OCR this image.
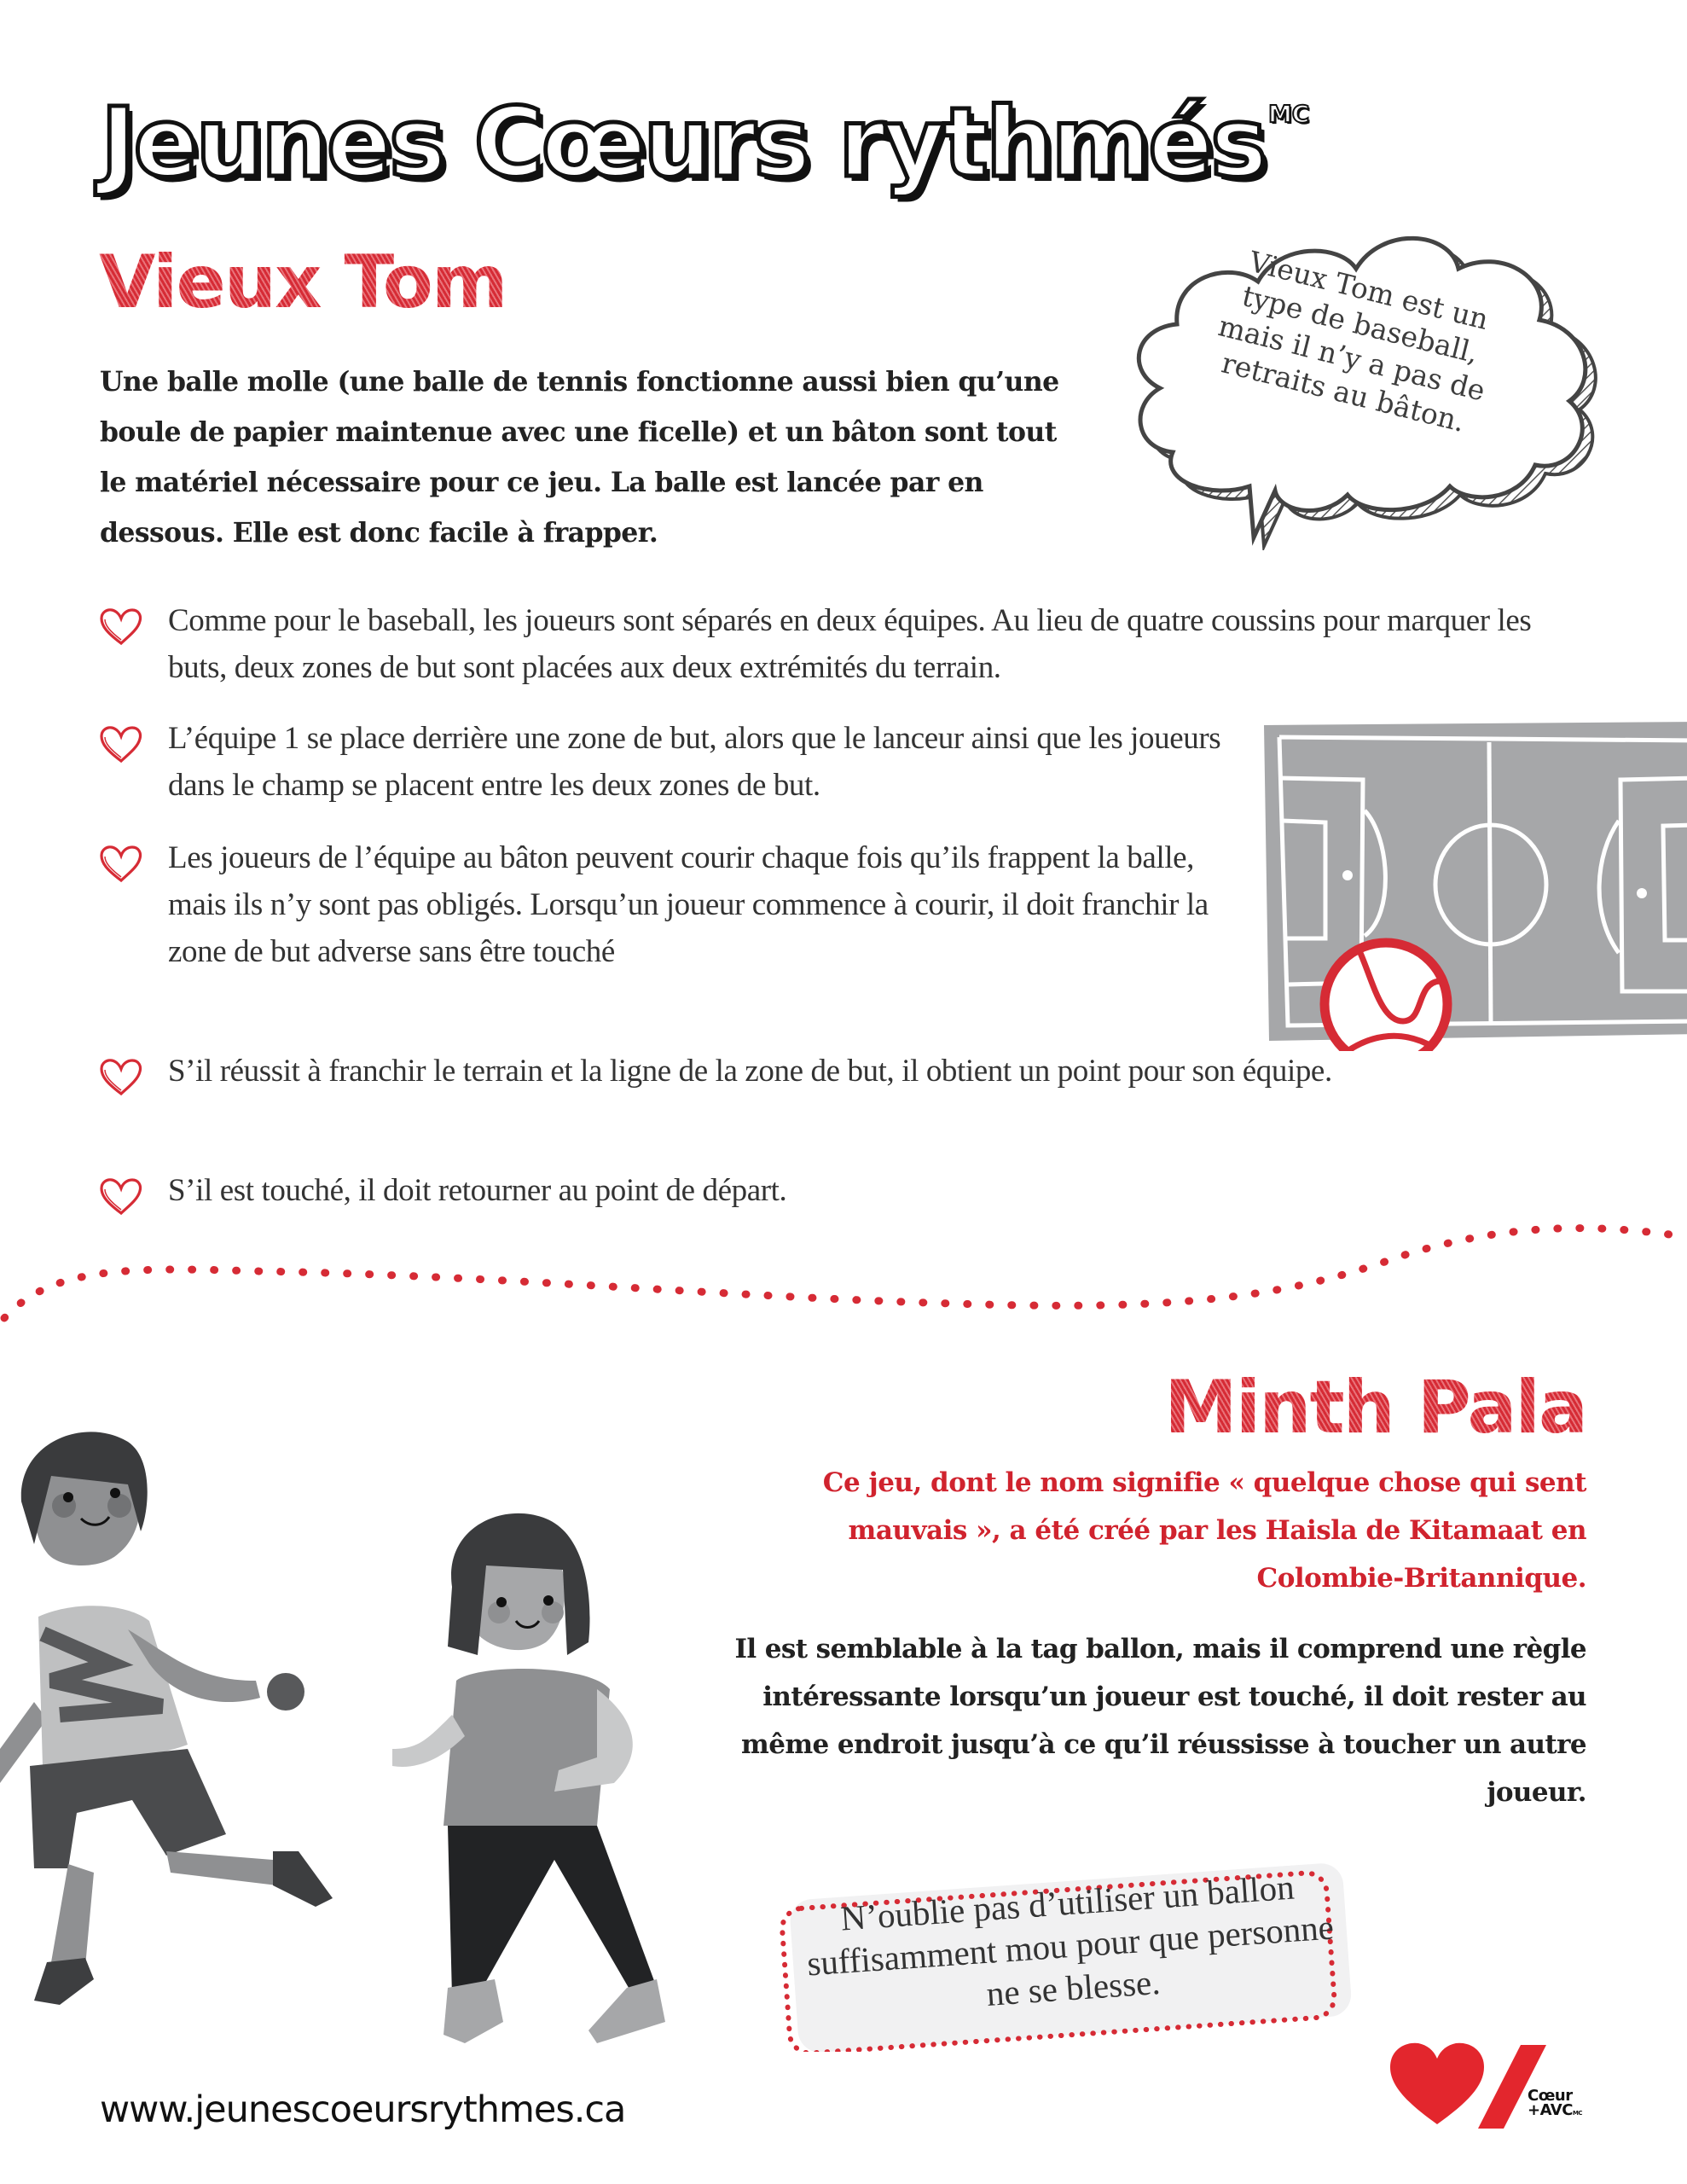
Jeunes Cœurs rythmés $^{MC}$
Vieux Tom	Vieux Tom est un type de baseball, mais il n’y a pas de retraits au bâton.
Une balle molle (une balle de tennis fonctionne aussi bien qu’une boule de papier maintenue avec une ficelle) et un bâton sont tout le matériel nécessaire pour ce jeu. La balle est lancée par en dessous. Elle est donc facile à frapper.
Comme pour le baseball, les joueurs sont séparés en deux équipes. Au lieu de quatre coussins pour marquer les buts, deux zones de but sont placées aux deux extrémités du terrain.
L’équipe 1 se place derrière une zone de but, alors que le lanceur ainsi que les joueurs dans le champ se placent entre les deux zones de but.
Les joueurs de l’équipe au bâton peuvent courir chaque fois qu’ils frappent la balle, mais ils n’y sont pas obligés. Lorsqu’un joueur commence à courir, il doit franchir la zone de but adverse sans être touché
S’il réussit à franchir le terrain et la ligne de la zone de but, il obtient un point pour son équipe.
S’il est touché, il doit retourner au point de départ.
Minth Pala
Ce jeu, dont le nom signifie « quelque chose qui sent mauvais », a été créé par les Haisla de Kitamaat en Colombie-Britannique.
Il est semblable à la tag ballon, mais il comprend une règle intéressante lorsqu’un joueur est touché, il doit rester au même endroit jusqu’à ce qu’il réussisse à toucher un autre joueur.
N’oublie pas d’utiliser un ballon suffisamment mou pour que personne ne se blesse.
www.jeunescoeursrythmes.ca	Cœur
+AVCMC
